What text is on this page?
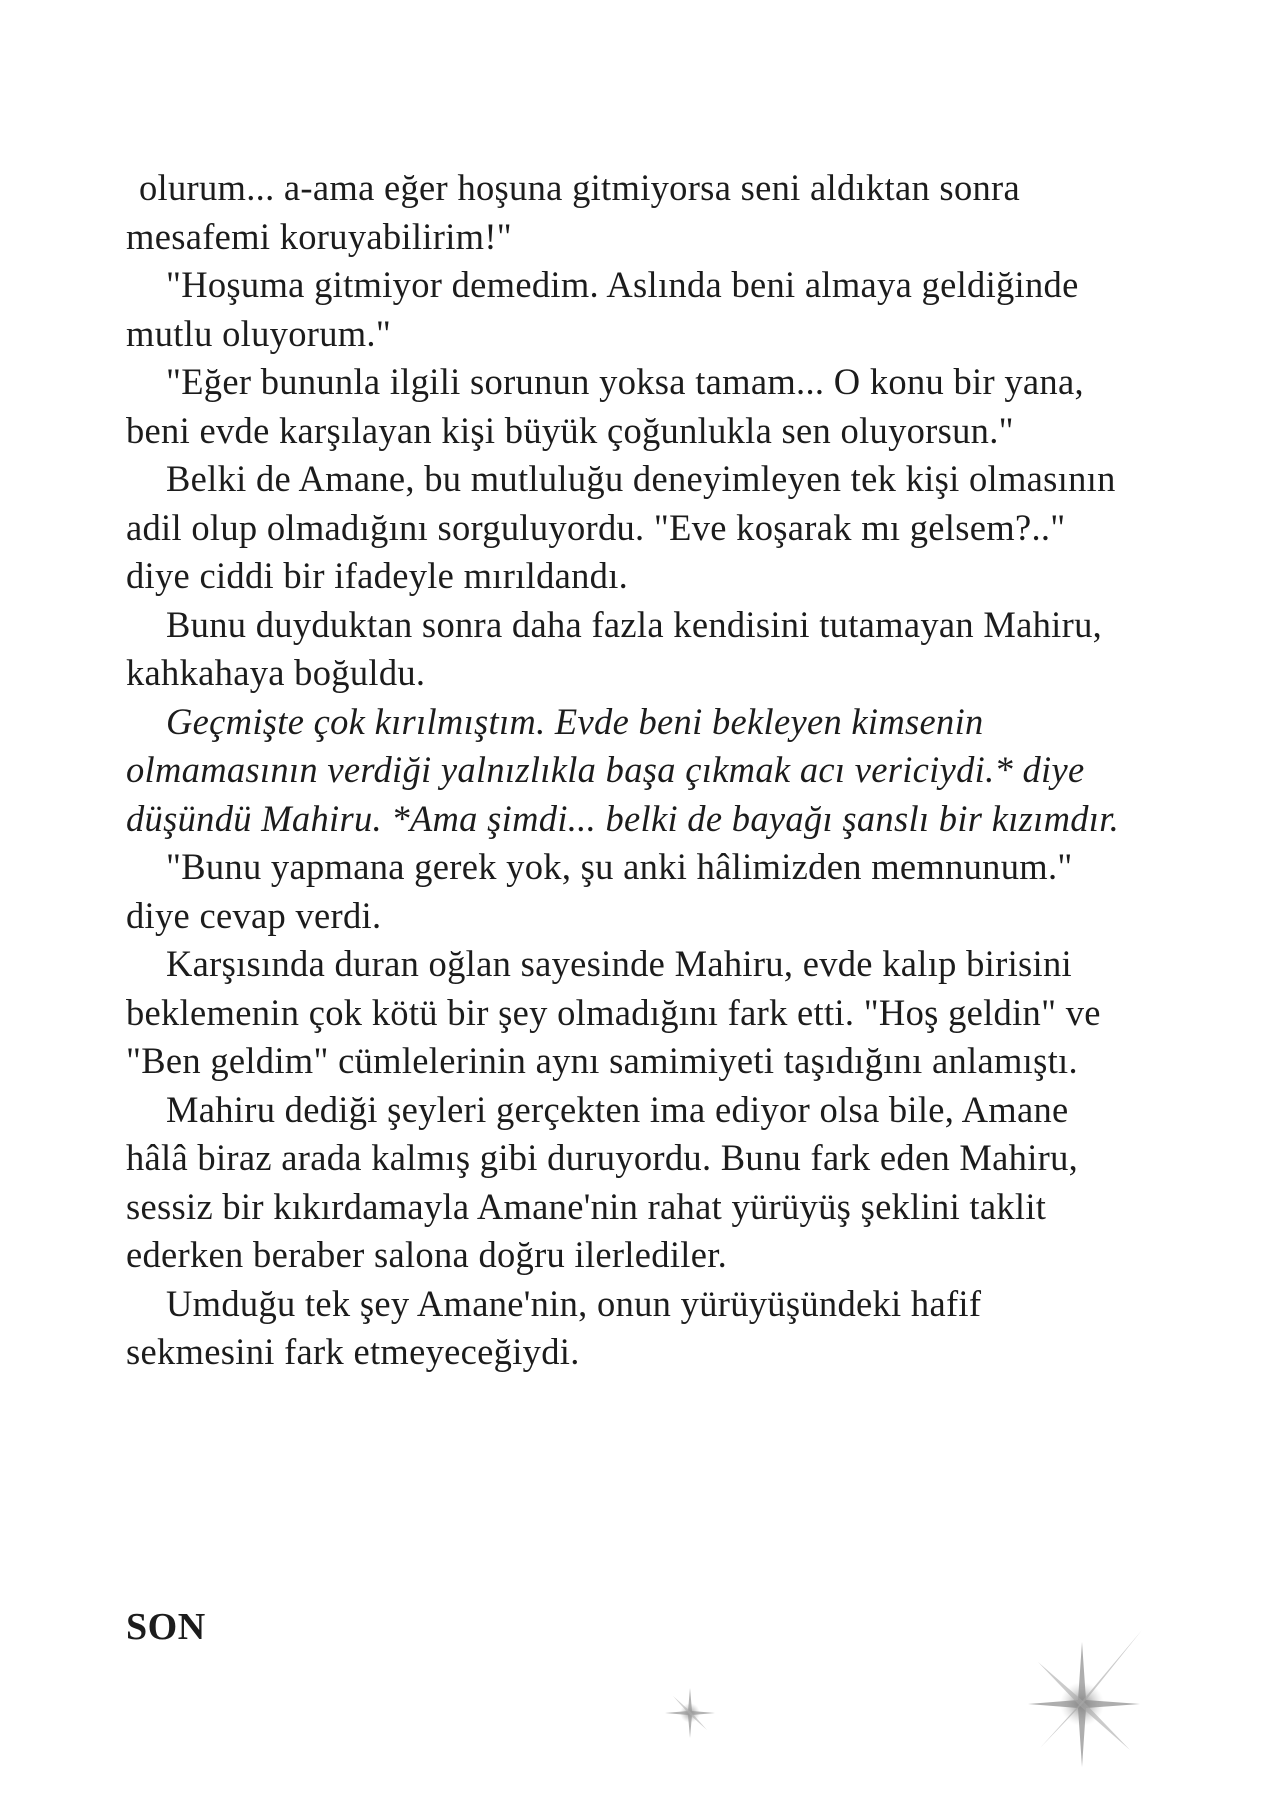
olurum... a-ama eğer hoşuna gitmiyorsa seni aldıktan sonra mesafemi koruyabilirim!"

"Hoşuma gitmiyor demedim. Aslında beni almaya geldiğinde mutlu oluyorum."

"Eğer bununla ilgili sorunun yoksa tamam... O konu bir yana, beni evde karşılayan kişi büyük çoğunlukla sen oluyorsun."

Belki de Amane, bu mutluluğu deneyimleyen tek kişi olmasının adil olup olmadığını sorguluyordu. "Eve koşarak mı gelsem?.." diye ciddi bir ifadeyle mırıldandı.

Bunu duyduktan sonra daha fazla kendisini tutamayan Mahiru, kahkahaya boğuldu.

Geçmişte çok kırılmıştım. Evde beni bekleyen kimsenin olmamasının verdiği yalnızlıkla başa çıkmak acı vericiydi.* diye düşündü Mahiru. *Ama şimdi... belki de bayağı şanslı bir kızımdır.

"Bunu yapmana gerek yok, şu anki hâlimizden memnunum." diye cevap verdi.

Karşısında duran oğlan sayesinde Mahiru, evde kalıp birisini beklemenin çok kötü bir şey olmadığını fark etti. "Hoş geldin" ve "Ben geldim" cümlelerinin aynı samimiyeti taşıdığını anlamıştı.

Mahiru dediği şeyleri gerçekten ima ediyor olsa bile, Amane hâlâ biraz arada kalmış gibi duruyordu. Bunu fark eden Mahiru, sessiz bir kıkırdamayla Amane'nin rahat yürüyüş şeklini taklit ederken beraber salona doğru ilerlediler.

Umduğu tek şey Amane'nin, onun yürüyüşündeki hafif sekmesini fark etmeyeceğiydi.

SON
